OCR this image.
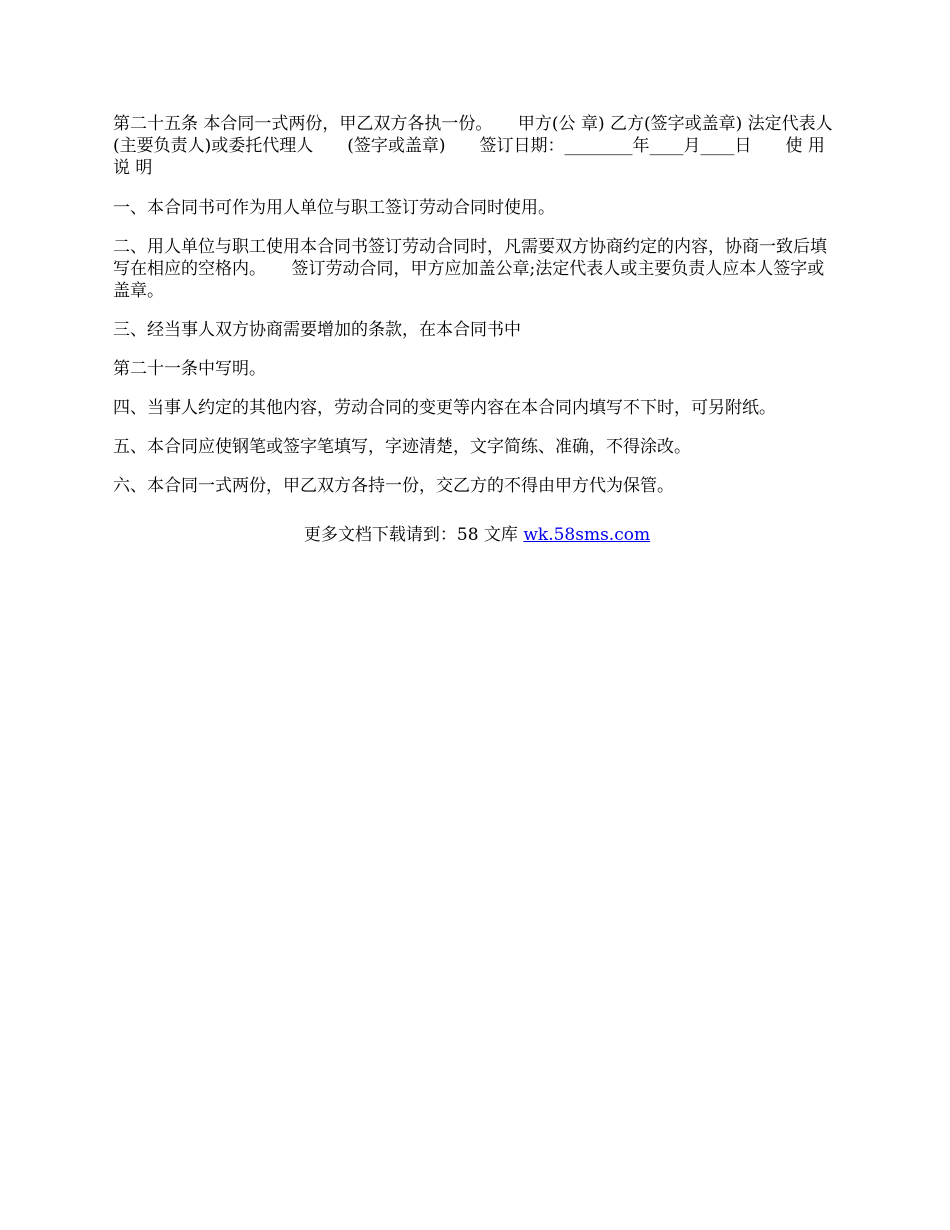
第二十五条 本合同一式两份，甲乙双方各执一份。　　甲方(公 章) 乙方(签字或盖章) 法定代表人(主要负责人)或委托代理人　　(签字或盖章)　　签订日期：________年____月____日　　使 用 说 明

一、本合同书可作为用人单位与职工签订劳动合同时使用。

二、用人单位与职工使用本合同书签订劳动合同时，凡需要双方协商约定的内容，协商一致后填写在相应的空格内。　　签订劳动合同，甲方应加盖公章;法定代表人或主要负责人应本人签字或盖章。

三、经当事人双方协商需要增加的条款，在本合同书中

第二十一条中写明。

四、当事人约定的其他内容，劳动合同的变更等内容在本合同内填写不下时，可另附纸。

五、本合同应使钢笔或签字笔填写，字迹清楚，文字简练、准确，不得涂改。

六、本合同一式两份，甲乙双方各持一份，交乙方的不得由甲方代为保管。

更多文档下载请到：58 文库 wk.58sms.com
